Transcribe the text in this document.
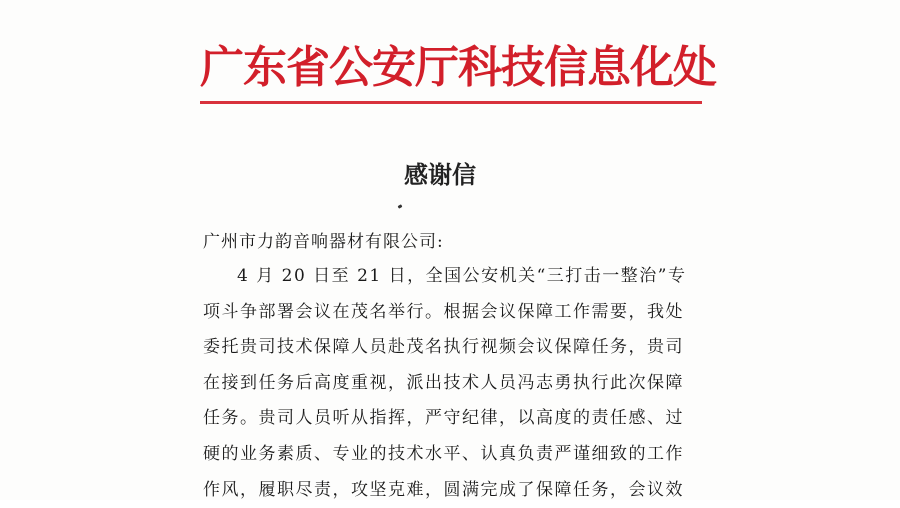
广东省公安厅科技信息化处
感谢信
广州市力韵音响器材有限公司:
4 月 20 日至 21 日，全国公安机关“三打击一整治”专
项斗争部署会议在茂名举行。根据会议保障工作需要，我处
委托贵司技术保障人员赴茂名执行视频会议保障任务，贵司
在接到任务后高度重视，派出技术人员冯志勇执行此次保障
任务。贵司人员听从指挥，严守纪律，以高度的责任感、过
硬的业务素质、专业的技术水平、认真负责严谨细致的工作
作风，履职尽责，攻坚克难，圆满完成了保障任务，会议效
